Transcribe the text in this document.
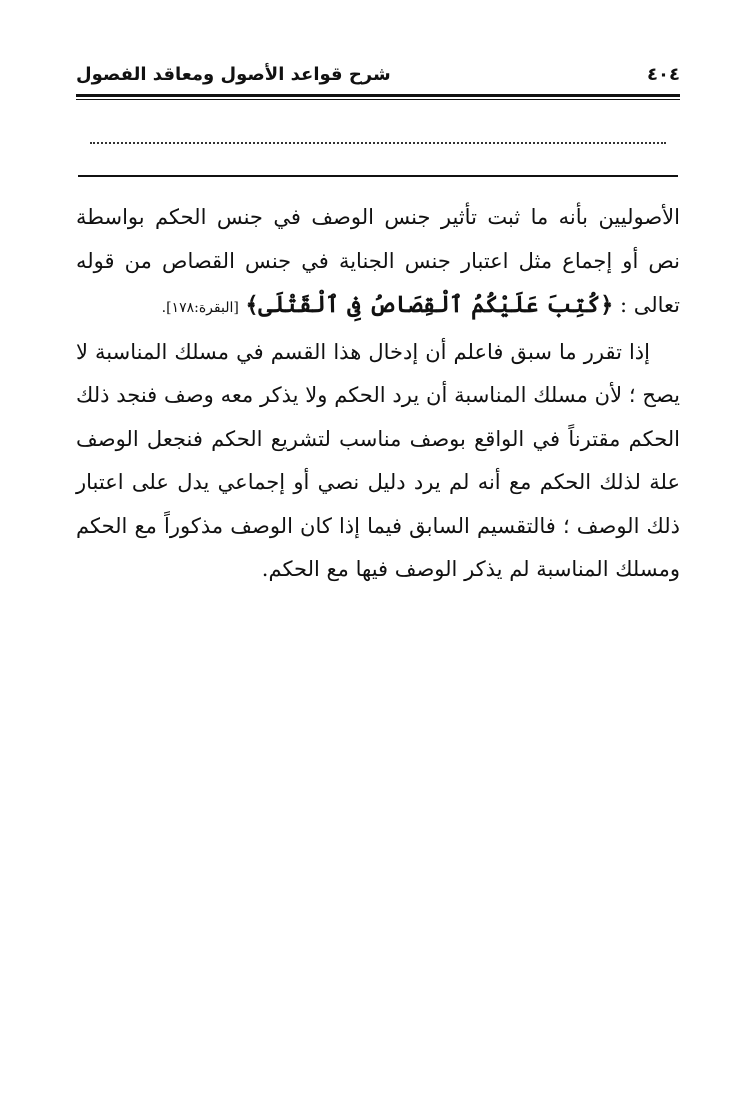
٤٠٤
شرح قواعد الأصول ومعاقد الفصول

الأصوليين بأنه ما ثبت تأثير جنس الوصف في جنس الحكم بواسطة نص أو إجماع مثل اعتبار جنس الجناية في جنس القصاص من قوله تعالى : ﴿كُتِبَ عَلَيْكُمُ ٱلْقِصَاصُ فِى ٱلْقَتْلَى﴾ [البقرة:١٧٨].

إذا تقرر ما سبق فاعلم أن إدخال هذا القسم في مسلك المناسبة لا يصح ؛ لأن مسلك المناسبة أن يرد الحكم ولا يذكر معه وصف فنجد ذلك الحكم مقترناً في الواقع بوصف مناسب لتشريع الحكم فنجعل الوصف علة لذلك الحكم مع أنه لم يرد دليل نصي أو إجماعي يدل على اعتبار ذلك الوصف ؛ فالتقسيم السابق فيما إذا كان الوصف مذكوراً مع الحكم ومسلك المناسبة لم يذكر الوصف فيها مع الحكم.
